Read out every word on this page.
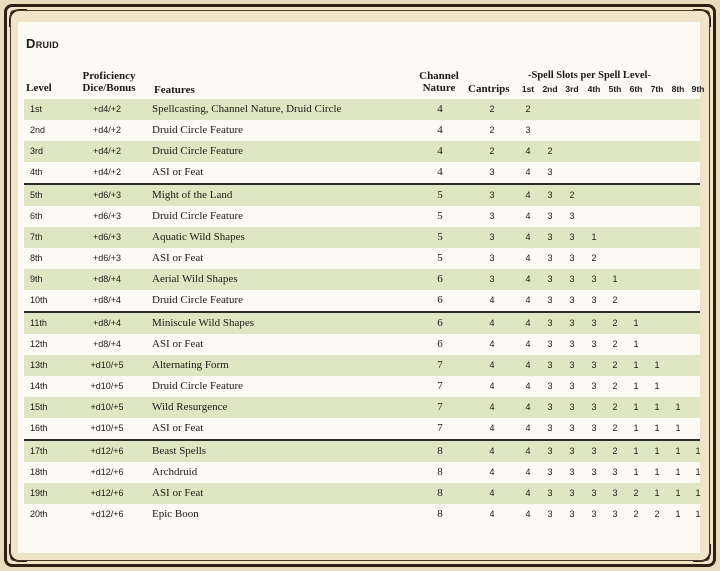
Druid
Level
Proficiency
Dice/Bonus	Features
Channel
Nature	Cantrips
-Spell Slots per Spell Level-
1st 2nd 3rd	4th 5th 6th 7th 8th 9th
1st	+d4/+2	Spellcasting, Channel Nature, Druid Circle	4	2	2
2nd	+d4/+2	Druid Circle Feature	4	2	3
3rd	+d4/+2	Druid Circle Feature	4	2	4	2
4th	+d4/+2	ASI or Feat	4	3	4	3
5th	+d6/+3	Might of the Land	5	3	4	3	2
6th	+d6/+3	Druid Circle Feature	5	3	4	3	3
7th	+d6/+3	Aquatic Wild Shapes	5	3	4	3	3	1
8th	+d6/+3	ASI or Feat	5	3	4	3	3	2
9th	+d8/+4	Aerial Wild Shapes	6	3	4	3	3	3	1
10th	+d8/+4	Druid Circle Feature	6	4	4	3	3	3	2
11th	+d8/+4	Miniscule Wild Shapes	6	4	4	3	3	3	2	1
12th	+d8/+4	ASI or Feat	6	4	4	3	3	3	2	1
13th	+d10/+5	Alternating Form	7	4	4	3	3	3	2	1	1
14th	+d10/+5	Druid Circle Feature	7	4	4	3	3	3	2	1	1
15th	+d10/+5	Wild Resurgence	7	4	4	3	3	3	2	1	1	1
16th	+d10/+5	ASI or Feat	7	4	4	3	3	3	2	1	1	1
17th	+d12/+6	Beast Spells	8	4	4	3	3	3	2	1	1	1	1
18th	+d12/+6	Archdruid	8	4	4	3	3	3	3	1	1	1	1
19th	+d12/+6	ASI or Feat	8	4	4	3	3	3	3	2	1	1	1
20th	+d12/+6	Epic Boon	8	4	4	3	3	3	3	2	2	1	1
